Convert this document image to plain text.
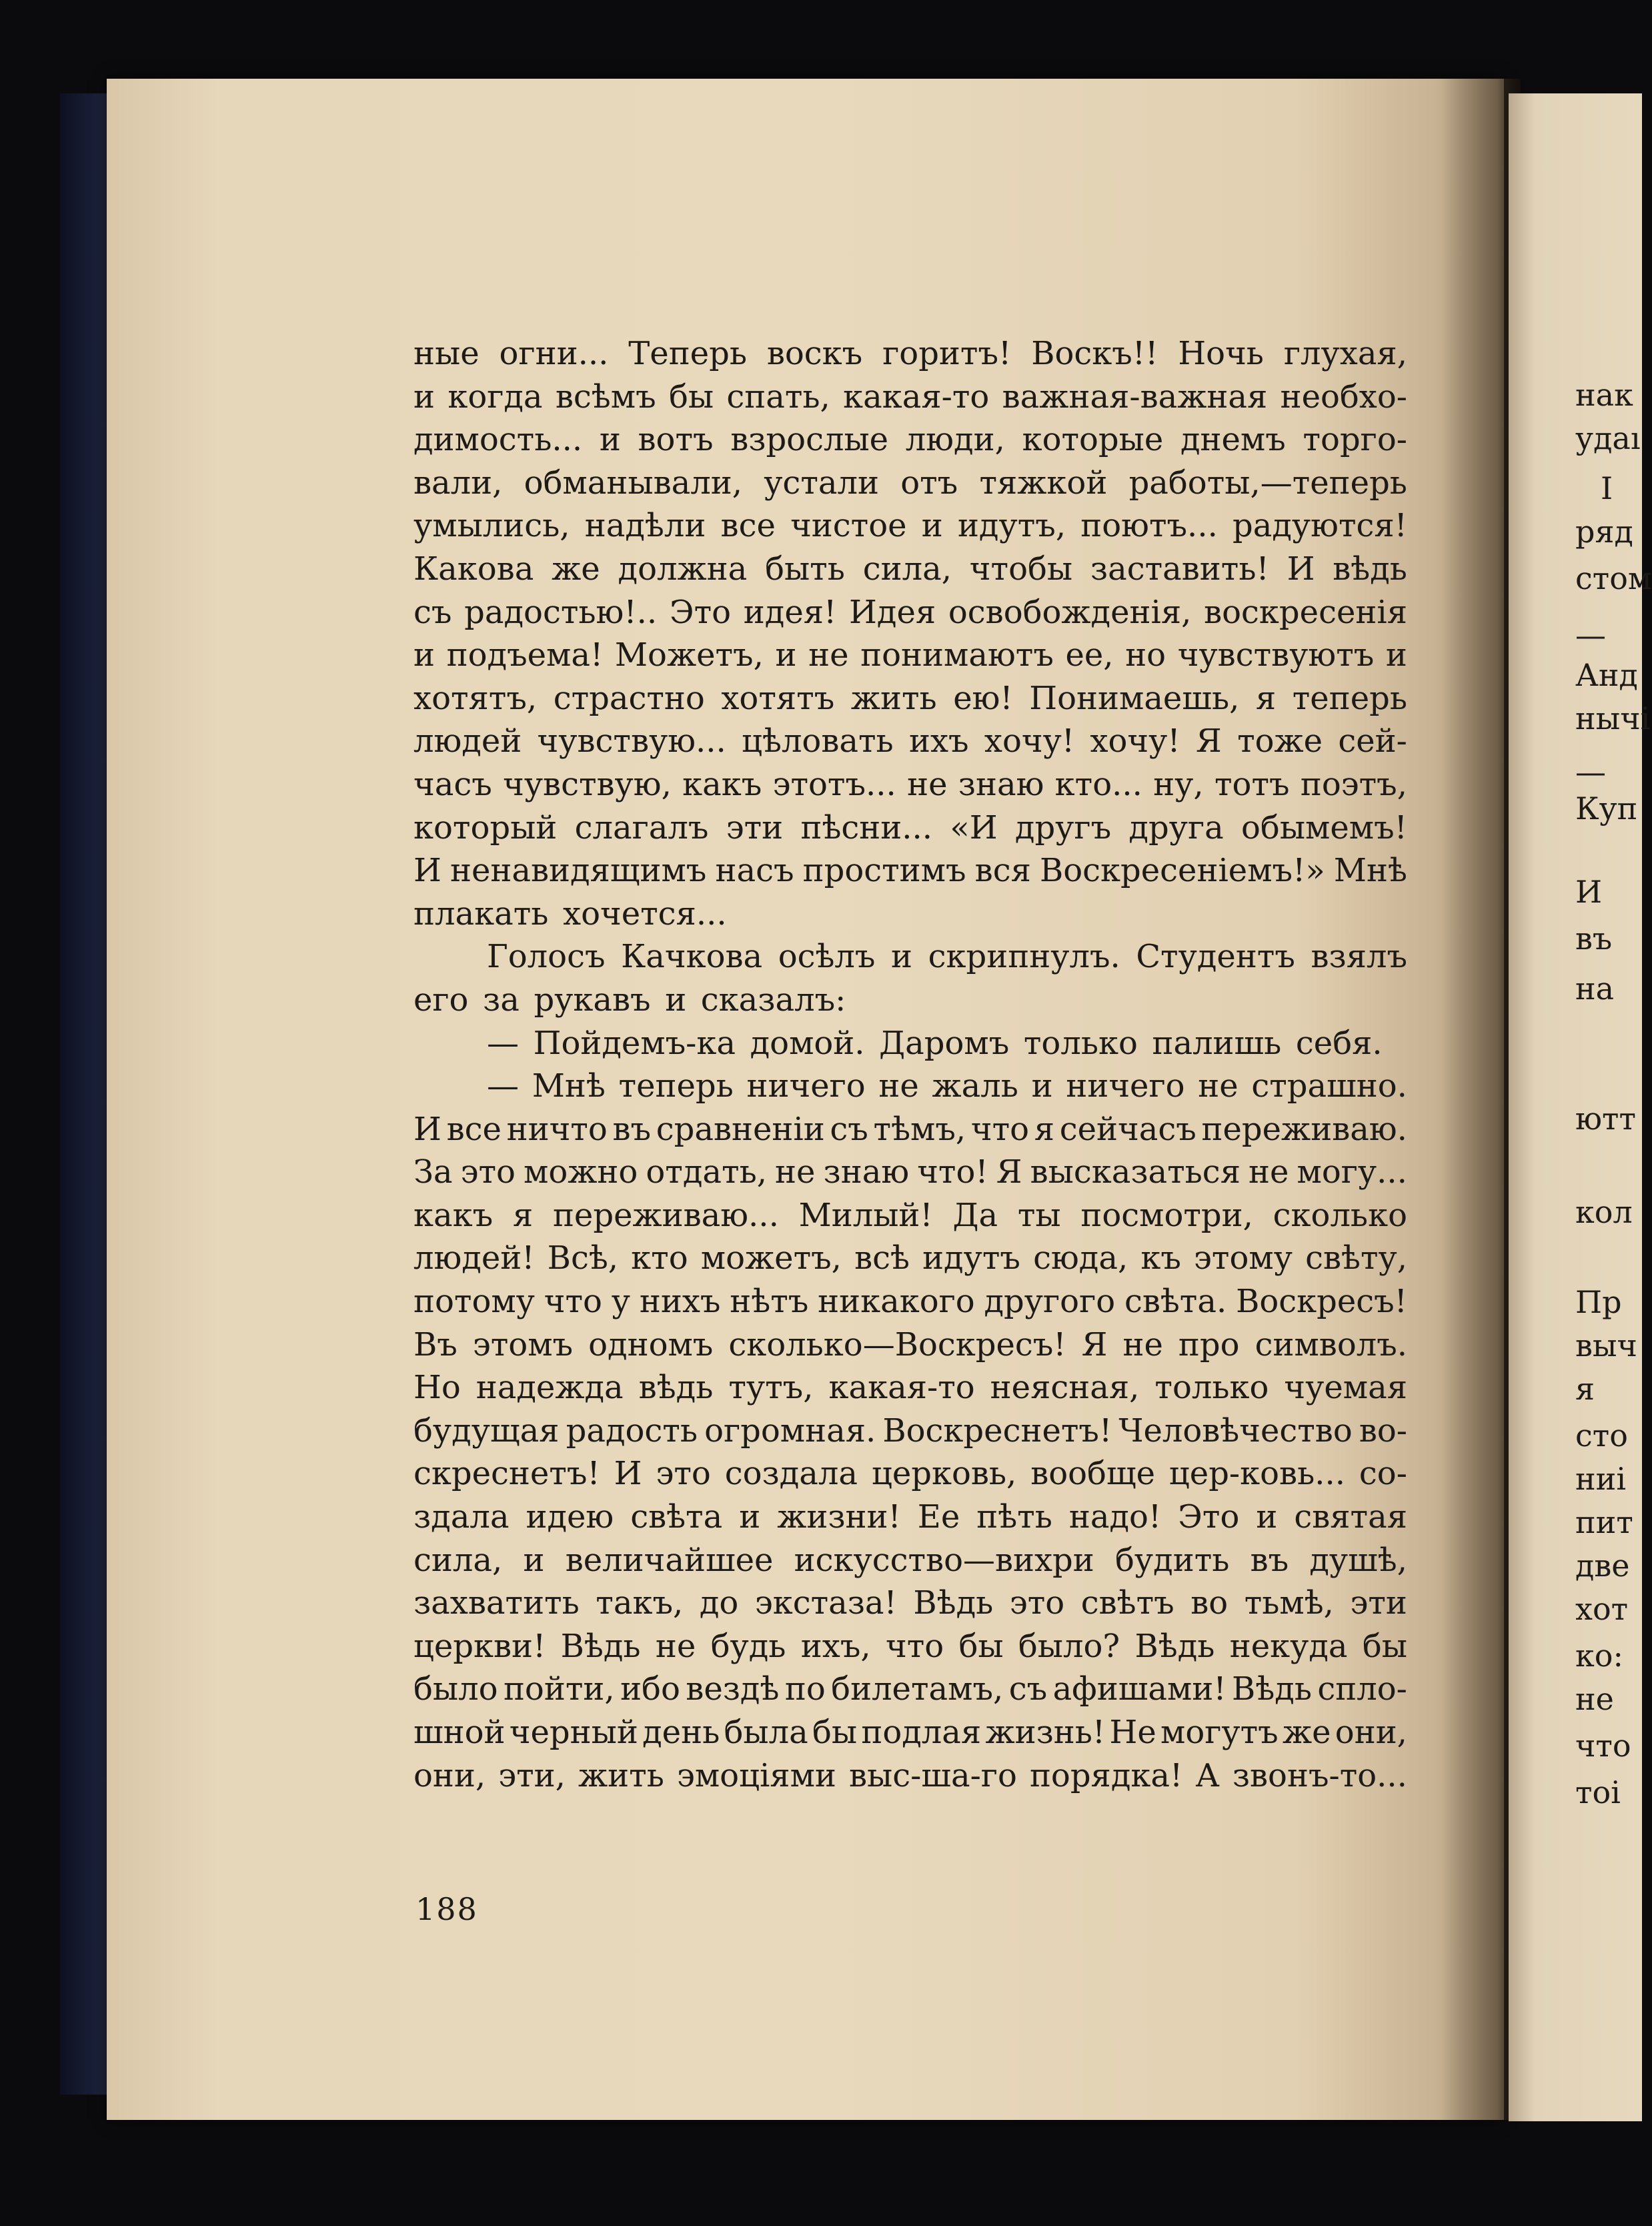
нак
удаı
I
ряд
стом
—
Анд
нычі
—
Куп
И
въ
на
ютт
кол
Пр
выч
я
сто
ниі
пит
две
хот
ко:
не
что
тоі
ные огни... Теперь воскъ горитъ! Воскъ!! Ночь глухая,
и когда всѣмъ бы спать, какая-то важная-важная необхо-
димость... и вотъ взрослые люди, которые днемъ торго-
вали, обманывали, устали отъ тяжкой работы,—теперь
умылись, надѣли все чистое и идутъ, поютъ... радуются!
Какова же должна быть сила, чтобы заставить! И вѣдь
съ радостью!.. Это идея! Идея освобожденія, воскресенія
и подъема! Можетъ, и не понимаютъ ее, но чувствуютъ и
хотятъ, страстно хотятъ жить ею! Понимаешь, я теперь
людей чувствую... цѣловать ихъ хочу! хочу! Я тоже сей-
часъ чувствую, какъ этотъ... не знаю кто... ну, тотъ поэтъ,
который слагалъ эти пѣсни... «И другъ друга обымемъ!
И ненавидящимъ насъ простимъ вся Воскресеніемъ!» Мнѣ
плакать хочется...
Голосъ Качкова осѣлъ и скрипнулъ. Студентъ взялъ
его за рукавъ и сказалъ:
— Пойдемъ-ка домой. Даромъ только палишь себя.
— Мнѣ теперь ничего не жаль и ничего не страшно.
И все ничто въ сравненіи съ тѣмъ, что я сейчасъ переживаю.
За это можно отдать, не знаю что! Я высказаться не могу...
какъ я переживаю... Милый! Да ты посмотри, сколько
людей! Всѣ, кто можетъ, всѣ идутъ сюда, къ этому свѣту,
потому что у нихъ нѣтъ никакого другого свѣта. Воскресъ!
Въ этомъ одномъ сколько—Воскресъ! Я не про символъ.
Но надежда вѣдь тутъ, какая-то неясная, только чуемая
будущая радость огромная. Воскреснетъ! Человѣчество во-
скреснетъ! И это создала церковь, вообще цер-ковь... со-
здала идею свѣта и жизни! Ее пѣть надо! Это и святая
сила, и величайшее искусство—вихри будить въ душѣ,
захватить такъ, до экстаза! Вѣдь это свѣтъ во тьмѣ, эти
церкви! Вѣдь не будь ихъ, что бы было? Вѣдь некуда бы
было пойти, ибо вездѣ по билетамъ, съ афишами! Вѣдь спло-
шной черный день была бы подлая жизнь! Не могутъ же они,
они, эти, жить эмоціями выс-ша-го порядка! А звонъ-то...
188
